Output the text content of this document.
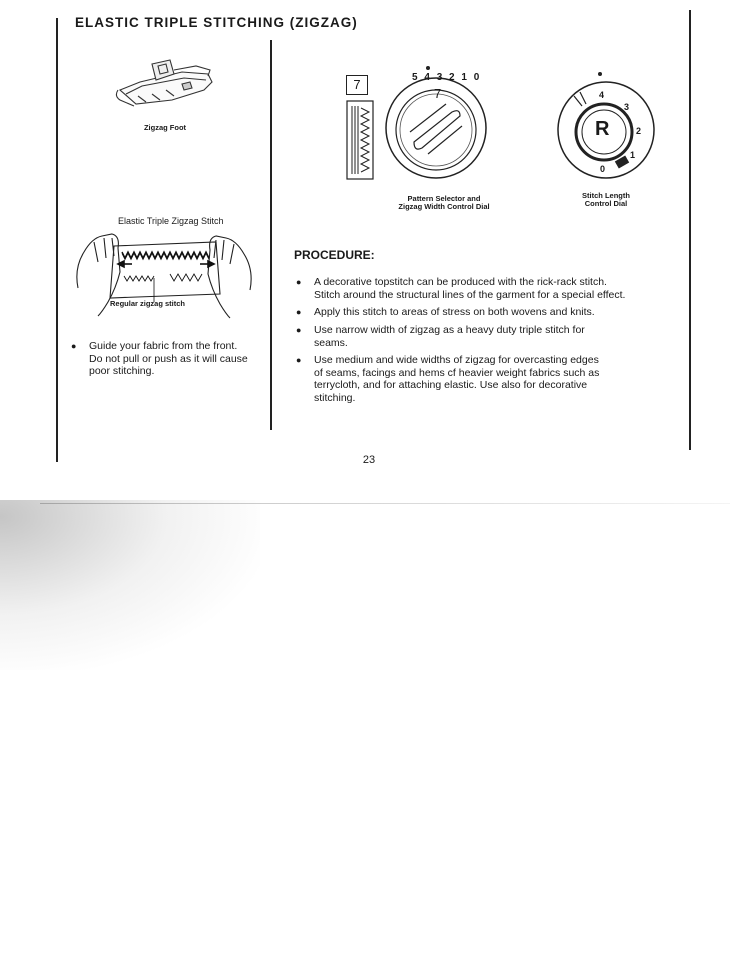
ELASTIC TRIPLE STITCHING (ZIGZAG)
Zigzag Foot
Elastic Triple Zigzag Stitch
Regular zigzag stitch
●	Guide your fabric from the front.
Do not pull or push as it will cause
poor stitching.
7	5 4 3 2 1 0
7
Pattern Selector and
Zigzag Width Control Dial
R
4
3
2
1
0
Stitch Length
Control Dial
PROCEDURE:
●	A decorative topstitch can be produced with the rick-rack stitch.
Stitch around the structural lines of the garment for a special effect.
●	Apply this stitch to areas of stress on both wovens and knits.
●	Use narrow width of zigzag as a heavy duty triple stitch for
seams.
●	Use medium and wide widths of zigzag for overcasting edges
of seams, facings and hems cf heavier weight fabrics such as
terrycloth, and for attaching elastic. Use also for decorative
stitching.
23
